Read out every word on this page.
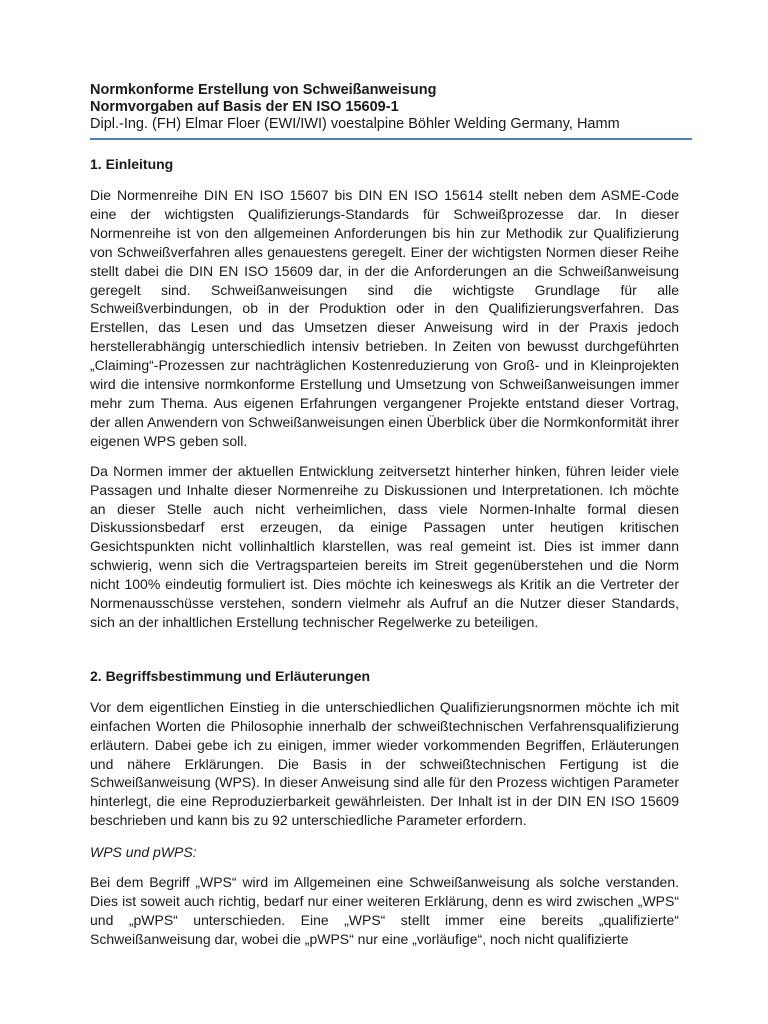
Normkonforme Erstellung von Schweißanweisung

Normvorgaben auf Basis der EN ISO 15609-1

Dipl.-Ing. (FH) Elmar Floer (EWI/IWI) voestalpine Böhler Welding Germany, Hamm

1. Einleitung

Die Normenreihe DIN EN ISO 15607 bis DIN EN ISO 15614 stellt neben dem ASME-Code eine der wichtigsten Qualifizierungs-Standards für Schweißprozesse dar. In dieser Normenreihe ist von den allgemeinen Anforderungen bis hin zur Methodik zur Qualifizierung von Schweißverfahren alles genauestens geregelt. Einer der wichtigsten Normen dieser Reihe stellt dabei die DIN EN ISO 15609 dar, in der die Anforderungen an die Schweißanweisung geregelt sind. Schweißanweisungen sind die wichtigste Grundlage für alle Schweißverbindungen, ob in der Produktion oder in den Qualifizierungsverfahren. Das Erstellen, das Lesen und das Umsetzen dieser Anweisung wird in der Praxis jedoch herstellerabhängig unterschiedlich intensiv betrieben. In Zeiten von bewusst durchgeführten „Claiming“-Prozessen zur nachträglichen Kostenreduzierung von Groß- und in Kleinprojekten wird die intensive normkonforme Erstellung und Umsetzung von Schweißanweisungen immer mehr zum Thema. Aus eigenen Erfahrungen vergangener Projekte entstand dieser Vortrag, der allen Anwendern von Schweißanweisungen einen Überblick über die Normkonformität ihrer eigenen WPS geben soll.

Da Normen immer der aktuellen Entwicklung zeitversetzt hinterher hinken, führen leider viele Passagen und Inhalte dieser Normenreihe zu Diskussionen und Interpretationen. Ich möchte an dieser Stelle auch nicht verheimlichen, dass viele Normen-Inhalte formal diesen Diskussionsbedarf erst erzeugen, da einige Passagen unter heutigen kritischen Gesichtspunkten nicht vollinhaltlich klarstellen, was real gemeint ist. Dies ist immer dann schwierig, wenn sich die Vertragsparteien bereits im Streit gegenüberstehen und die Norm nicht 100% eindeutig formuliert ist. Dies möchte ich keineswegs als Kritik an die Vertreter der Normenausschüsse verstehen, sondern vielmehr als Aufruf an die Nutzer dieser Standards, sich an der inhaltlichen Erstellung technischer Regelwerke zu beteiligen.

2. Begriffsbestimmung und Erläuterungen

Vor dem eigentlichen Einstieg in die unterschiedlichen Qualifizierungsnormen möchte ich mit einfachen Worten die Philosophie innerhalb der schweißtechnischen Verfahrensqualifizierung erläutern. Dabei gebe ich zu einigen, immer wieder vorkommenden Begriffen, Erläuterungen und nähere Erklärungen. Die Basis in der schweißtechnischen Fertigung ist die Schweißanweisung (WPS). In dieser Anweisung sind alle für den Prozess wichtigen Parameter hinterlegt, die eine Reproduzierbarkeit gewährleisten. Der Inhalt ist in der DIN EN ISO 15609 beschrieben und kann bis zu 92 unterschiedliche Parameter erfordern.

WPS und pWPS:

Bei dem Begriff „WPS“ wird im Allgemeinen eine Schweißanweisung als solche verstanden. Dies ist soweit auch richtig, bedarf nur einer weiteren Erklärung, denn es wird zwischen „WPS“ und „pWPS“ unterschieden. Eine „WPS“ stellt immer eine bereits „qualifizierte“ Schweißanweisung dar, wobei die „pWPS“ nur eine „vorläufige“, noch nicht qualifizierte
